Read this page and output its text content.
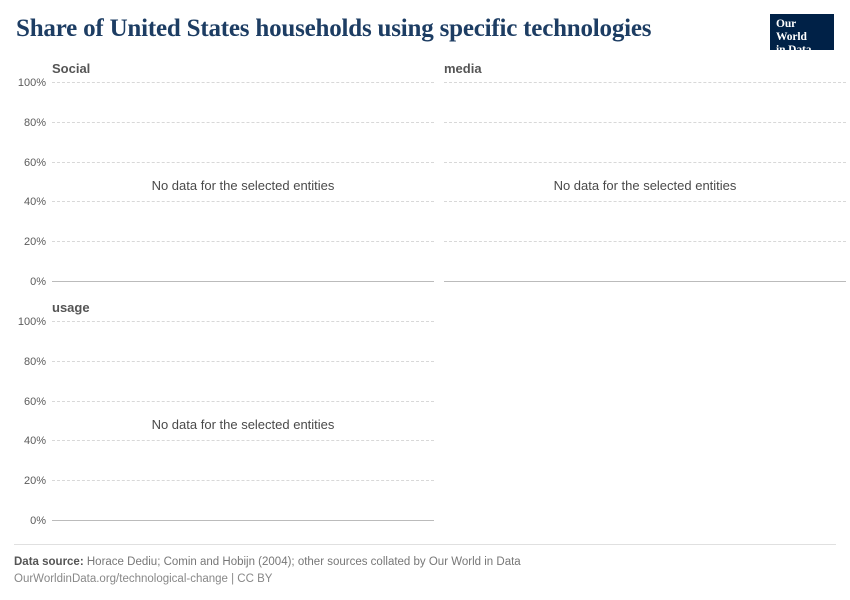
Share of United States households using specific technologies	Our World
in Data
Social
100%
80%
60%
40%
20%
0%
No data for the selected entities
media
No data for the selected entities
usage
100%
80%
60%
40%
20%
0%
No data for the selected entities
Data source: Horace Dediu; Comin and Hobijn (2004); other sources collated by Our World in Data
OurWorldinData.org/technological-change | CC BY
